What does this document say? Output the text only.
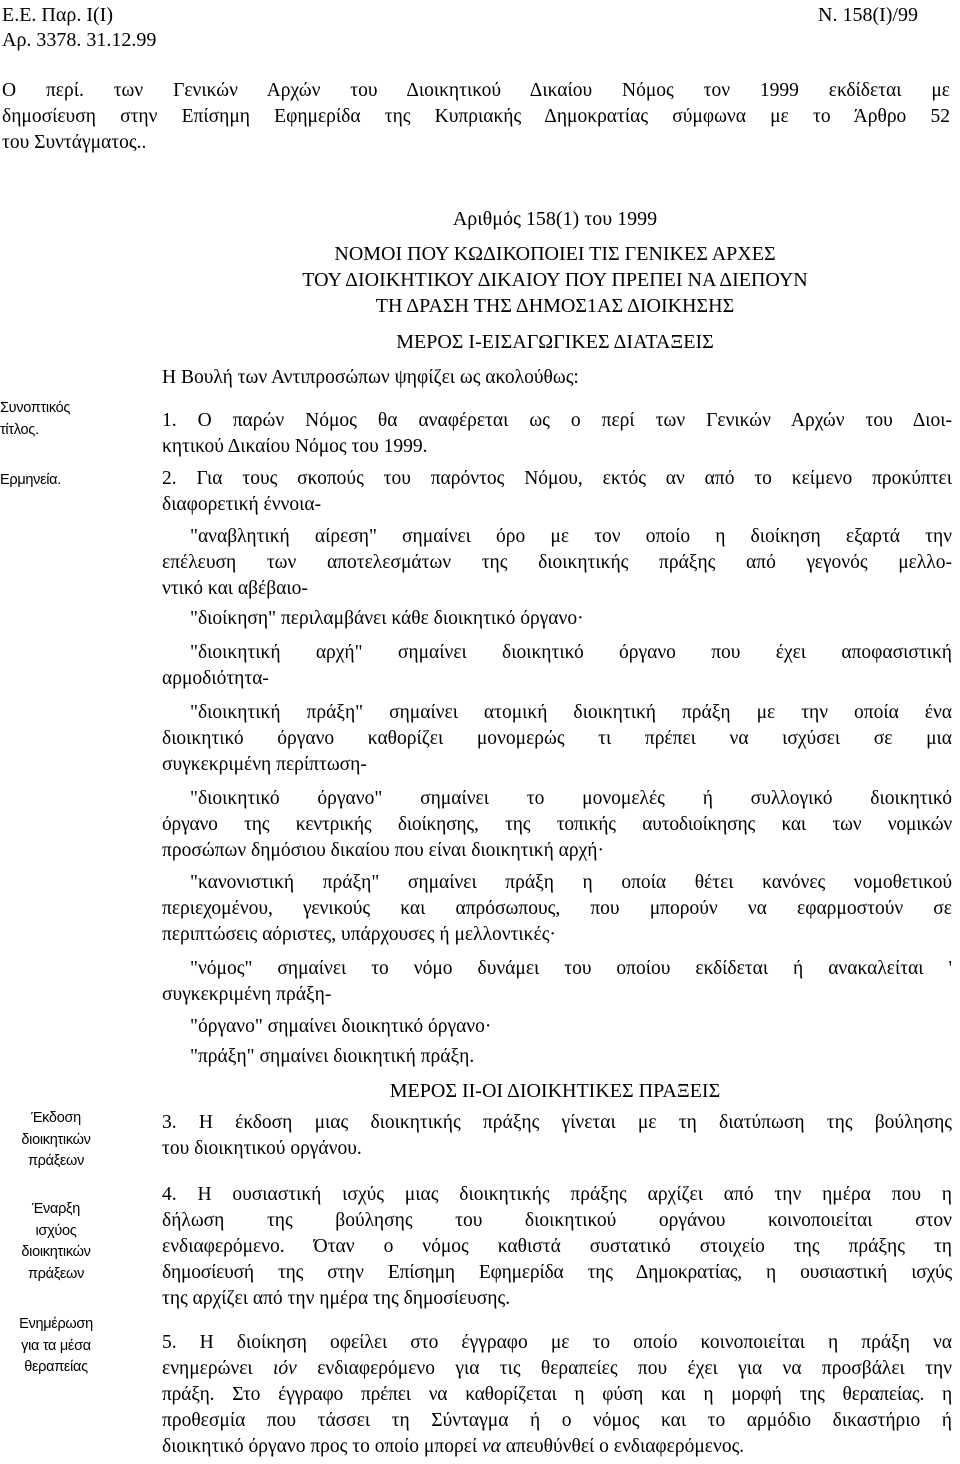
Ε.Ε. Παρ. Ι(Ι)
Αρ. 3378. 31.12.99
Ν. 158(Ι)/99
Ο περί. των Γενικών Αρχών του Διοικητικού Δικαίου Νόμος τον 1999 εκδίδεται με
δημοσίευση στην Επίσημη Εφημερίδα της Κυπριακής Δημοκρατίας σύμφωνα με το Άρθρο 52
του Συντάγματος..
Αριθμός 158(1) του 1999
ΝΟΜΟΙ ΠΟΥ ΚΩΔΙΚΟΠΟΙΕΙ ΤΙΣ ΓΕΝΙΚΕΣ ΑΡΧΕΣ
ΤΟΥ ΔΙΟΙΚΗΤΙΚΟΥ ΔΙΚΑΙΟΥ ΠΟΥ ΠΡΕΠΕΙ ΝΑ ΔΙΕΠΟΥΝ
ΤΗ ΔΡΑΣΗ ΤΗΣ ΔΗΜΟΣ1ΑΣ ΔΙΟΙΚΗΣΗΣ
ΜΕΡΟΣ Ι-ΕΙΣΑΓΩΓΙΚΕΣ ΔΙΑΤΑΞΕΙΣ
Η Βουλή των Αντιπροσώπων ψηφίζει ως ακολούθως:
Συνοπτικός
τίτλος.
Ερμηνεία.
Έκδοση
διοικητικών
πράξεων
Έναρξη
ισχύος
διοικητικών
πράξεων
Ενημέρωση
για τα μέσα
θεραπείας
1. Ο παρών Νόμος θα αναφέρεται ως ο περί των Γενικών Αρχών του Διοι-
κητικού Δικαίου Νόμος του 1999.
2. Για τους σκοπούς του παρόντος Νόμου, εκτός αν από το κείμενο προκύπτει
διαφορετική έννοια-
"αναβλητική αίρεση" σημαίνει όρο με τον οποίο η διοίκηση εξαρτά την
επέλευση των αποτελεσμάτων της διοικητικής πράξης από γεγονός μελλο-
ντικό και αβέβαιο-
"διοίκηση" περιλαμβάνει κάθε διοικητικό όργανο·
"διοικητική αρχή" σημαίνει διοικητικό όργανο που έχει αποφασιστική
αρμοδιότητα-
"διοικητική πράξη" σημαίνει ατομική διοικητική πράξη με την οποία ένα
διοικητικό όργανο καθορίζει μονομερώς τι πρέπει να ισχύσει σε μια
συγκεκριμένη περίπτωση-
"διοικητικό όργανο" σημαίνει το μονομελές ή συλλογικό διοικητικό
όργανο της κεντρικής διοίκησης, της τοπικής αυτοδιοίκησης και των νομικών
προσώπων δημόσιου δικαίου που είναι διοικητική αρχή·
"κανονιστική πράξη" σημαίνει πράξη η οποία θέτει κανόνες νομοθετικού
περιεχομένου, γενικούς και απρόσωπους, που μπορούν να εφαρμοστούν σε
περιπτώσεις αόριστες, υπάρχουσες ή μελλοντικές·
"νόμος" σημαίνει το νόμο δυνάμει του οποίου εκδίδεται ή ανακαλείται '
συγκεκριμένη πράξη-
"όργανο" σημαίνει διοικητικό όργανο·
"πράξη" σημαίνει διοικητική πράξη.
ΜΕΡΟΣ ΙΙ-ΟΙ ΔΙΟΙΚΗΤΙΚΕΣ ΠΡΑΞΕΙΣ
3. Η έκδοση μιας διοικητικής πράξης γίνεται με τη διατύπωση της βούλησης
του διοικητικού οργάνου.
4. Η ουσιαστική ισχύς μιας διοικητικής πράξης αρχίζει από την ημέρα που η
δήλωση της βούλησης του διοικητικού οργάνου κοινοποιείται στον
ενδιαφερόμενο. Όταν ο νόμος καθιστά συστατικό στοιχείο της πράξης τη
δημοσίευσή της στην Επίσημη Εφημερίδα της Δημοκρατίας, η ουσιαστική ισχύς
της αρχίζει από την ημέρα της δημοσίευσης.
5. Η διοίκηση οφείλει στο έγγραφο με το οποίο κοινοποιείται η πράξη να
ενημερώνει ιόν ενδιαφερόμενο για τις θεραπείες που έχει για να προσβάλει την
πράξη. Στο έγγραφο πρέπει να καθορίζεται η φύση και η μορφή της θεραπείας. η
προθεσμία που τάσσει τη Σύνταγμα ή ο νόμος και το αρμόδιο δικαστήριο ή
διοικητικό όργανο προς το οποίο μπορεί να απευθύνθεί ο ενδιαφερόμενος.
